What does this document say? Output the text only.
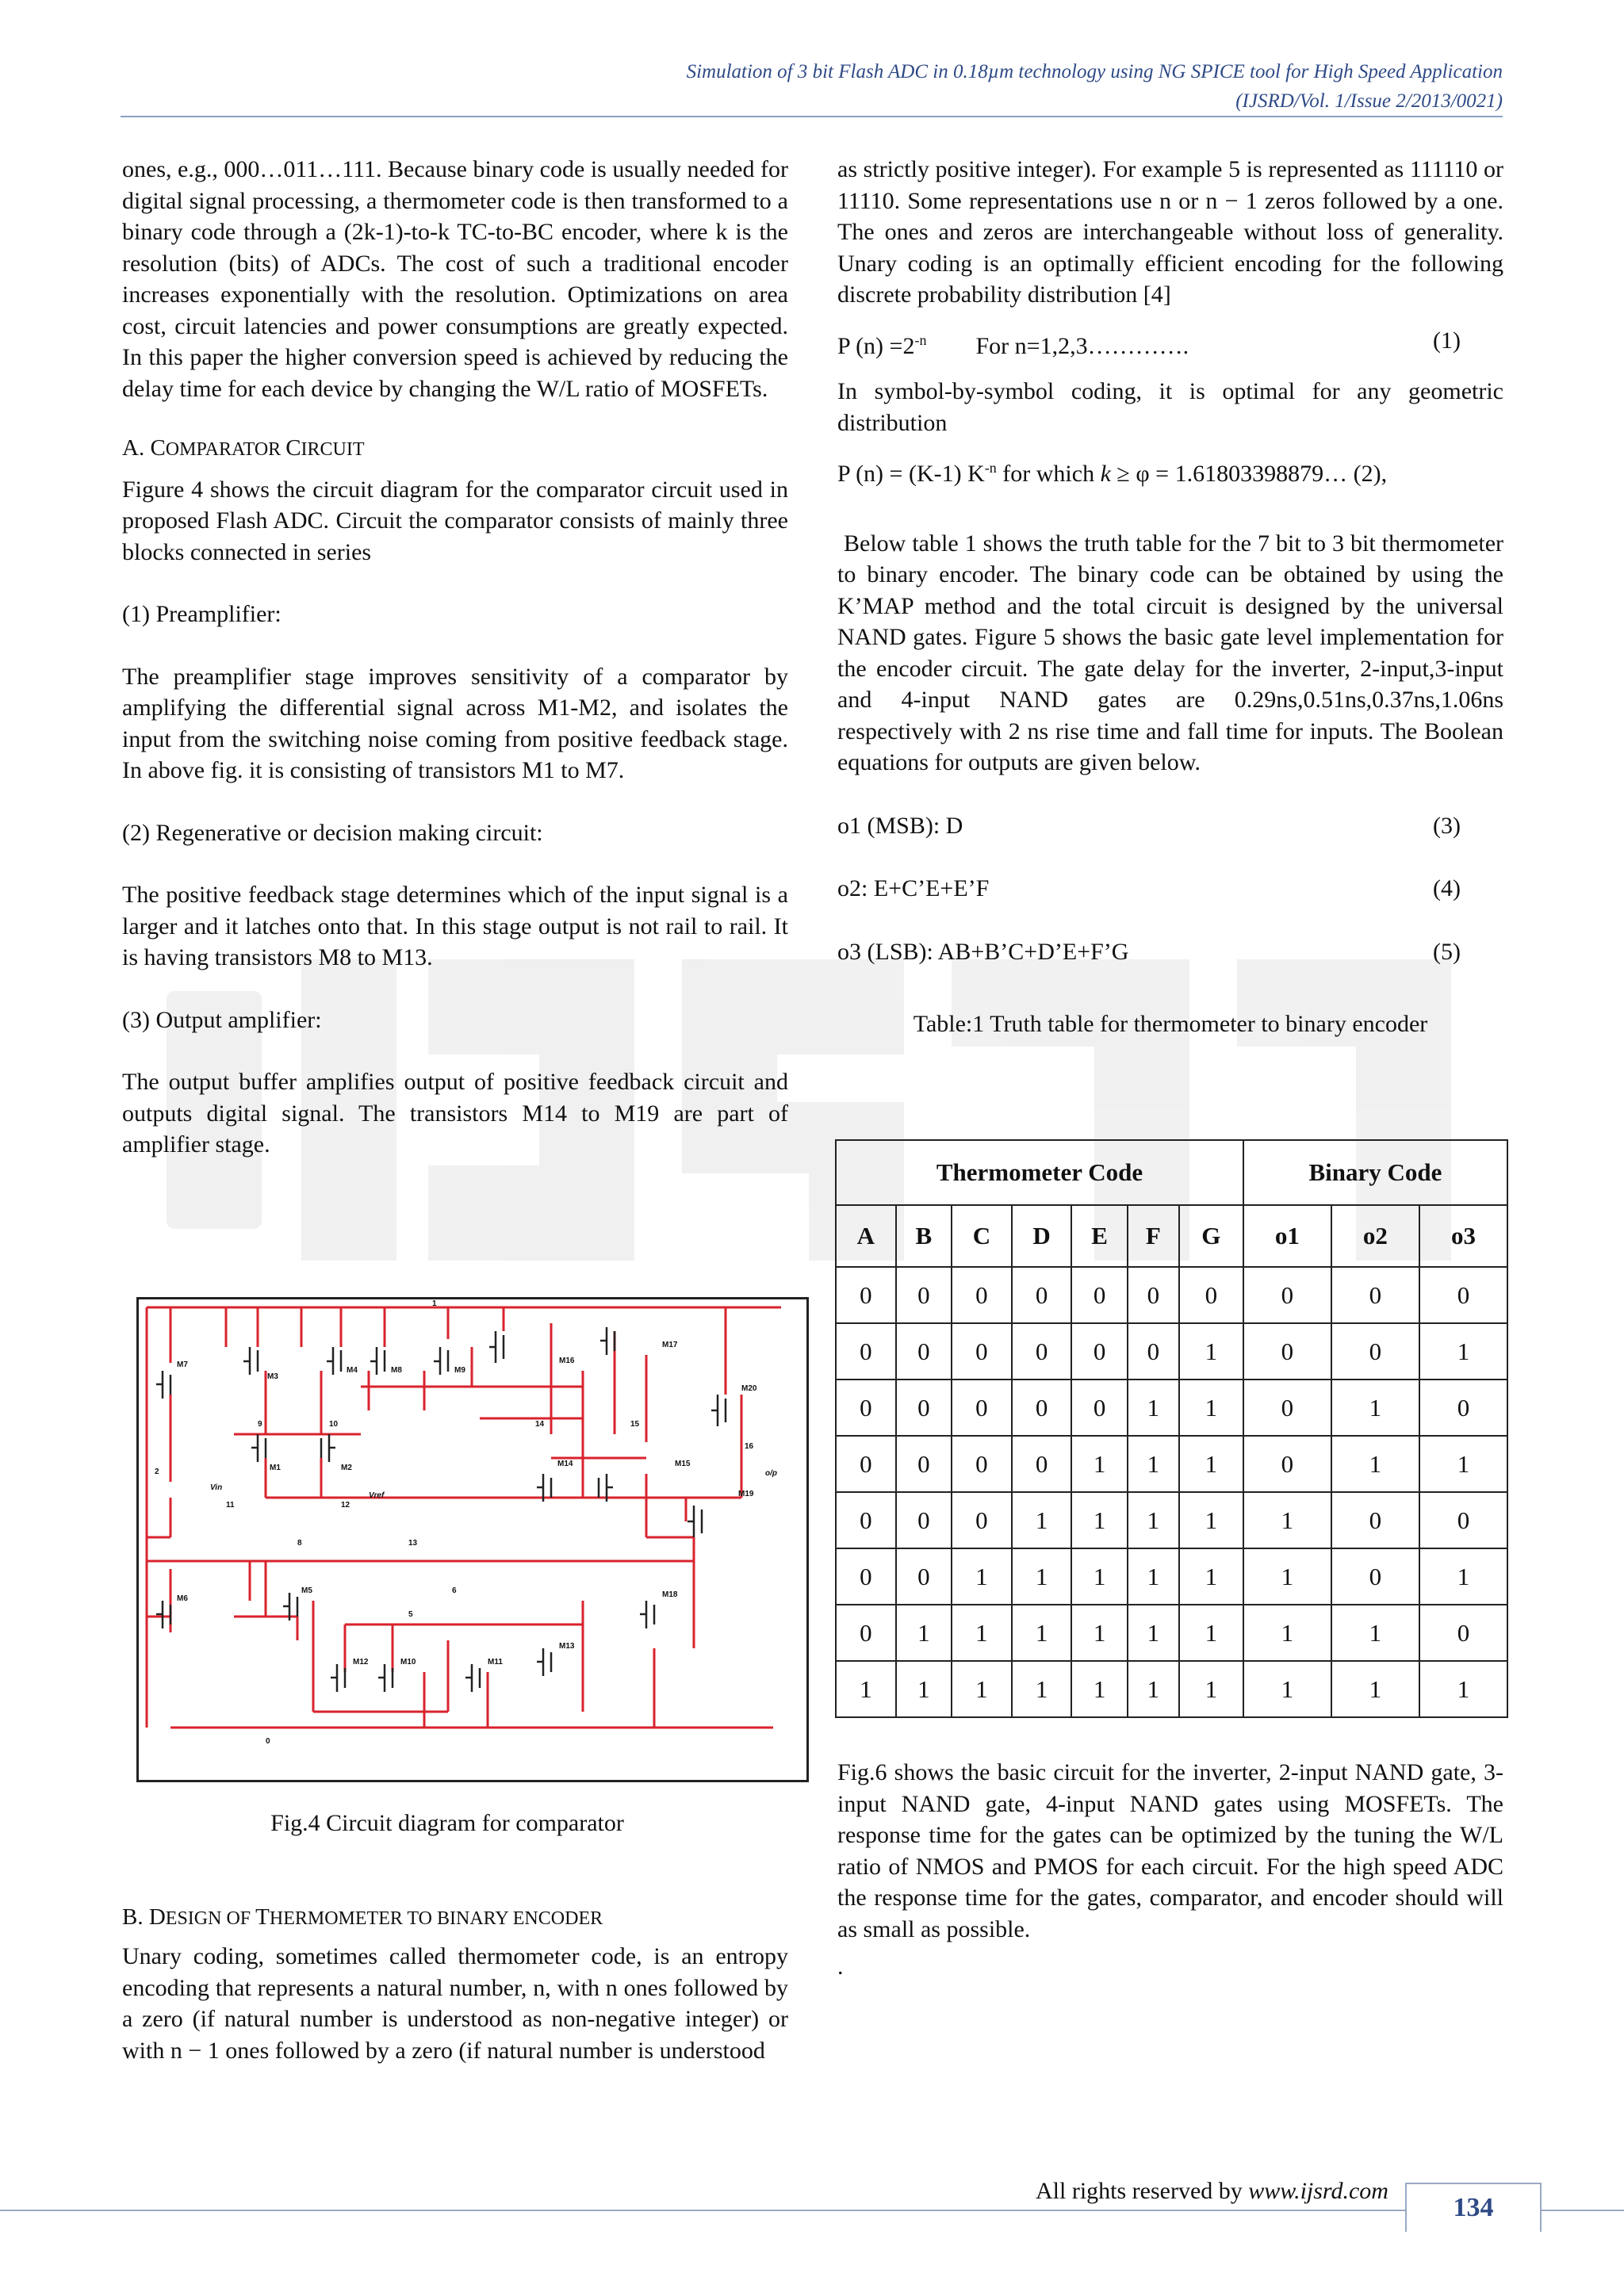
Simulation of 3 bit Flash ADC in 0.18µm technology using NG SPICE tool for High Speed Application
(IJSRD/Vol. 1/Issue 2/2013/0021)

ones, e.g., 000…011…111. Because binary code is usually needed for digital signal processing, a thermometer code is then transformed to a binary code through a (2k-1)-to-k TC-to-BC encoder, where k is the resolution (bits) of ADCs. The cost of such a traditional encoder increases exponentially with the resolution. Optimizations on area cost, circuit latencies and power consumptions are greatly expected. In this paper the higher conversion speed is achieved by reducing the delay time for each device by changing the W/L ratio of MOSFETs.

A. COMPARATOR CIRCUIT

Figure 4 shows the circuit diagram for the comparator circuit used in proposed Flash ADC. Circuit the comparator consists of mainly three blocks connected in series

(1) Preamplifier:

The preamplifier stage improves sensitivity of a comparator by amplifying the differential signal across M1-M2, and isolates the input from the switching noise coming from positive feedback stage. In above fig. it is consisting of transistors M1 to M7.

(2) Regenerative or decision making circuit:

The positive feedback stage determines which of the input signal is a larger and it latches onto that. In this stage output is not rail to rail. It is having transistors M8 to M13.

(3) Output amplifier:

The output buffer amplifies output of positive feedback circuit and outputs digital signal. The transistors M14 to M19 are part of amplifier stage.

M7
M3
M4	M8	M9
M16
M17
M20
M1	M2	M14	M15
M19
M6
M5	M18
M12	M10	M11
M13
Vin
Vref
1
2
5
6
8
9	10
11	12
13
14	15
16
0
o/p

Fig.4 Circuit diagram for comparator

B. DESIGN OF THERMOMETER TO BINARY ENCODER

Unary coding, sometimes called thermometer code, is an entropy encoding that represents a natural number, n, with n ones followed by a zero (if natural number is understood as non-negative integer) or with n − 1 ones followed by a zero (if natural number is understood

as strictly positive integer). For example 5 is represented as 111110 or 11110. Some representations use n or n − 1 zeros followed by a one. The ones and zeros are interchangeable without loss of generality. Unary coding is an optimally efficient encoding for the following discrete probability distribution [4]

P $(n) =2^{-n}$ For n=1,2,3………….	(1)

In symbol-by-symbol coding, it is optimal for any geometric distribution

P (n) = (K-1) $K^{-n}$ for which k ≥ φ = 1.61803398879… (2),

Below table 1 shows the truth table for the 7 bit to 3 bit thermometer to binary encoder. The binary code can be obtained by using the K’MAP method and the total circuit is designed by the universal NAND gates. Figure 5 shows the basic gate level implementation for the encoder circuit. The gate delay for the inverter, 2-input,3-input and 4-input NAND gates are 0.29ns,0.51ns,0.37ns,1.06ns respectively with 2 ns rise time and fall time for inputs. The Boolean equations for outputs are given below.

o1 (MSB): D	(3)

o2: E+C’E+E’F	(4)

o3 (LSB): AB+B’C+D’E+F’G	(5)

Table:1 Truth table for thermometer to binary encoder

Thermometer Code							Binary Code		
A	B	C	D	E	F	G	o1	o2	o3
0	0	0	0	0	0	0	0	0	0
0	0	0	0	0	0	1	0	0	1
0	0	0	0	0	1	1	0	1	0
0	0	0	0	1	1	1	0	1	1
0	0	0	1	1	1	1	1	0	0
0	0	1	1	1	1	1	1	0	1
0	1	1	1	1	1	1	1	1	0
1	1	1	1	1	1	1	1	1	1

Fig.6 shows the basic circuit for the inverter, 2-input NAND gate, 3-input NAND gate, 4-input NAND gates using MOSFETs. The response time for the gates can be optimized by the tuning the W/L ratio of NMOS and PMOS for each circuit. For the high speed ADC the response time for the gates, comparator, and encoder should will as small as possible.

.

All rights reserved by www.ijsrd.com
134
